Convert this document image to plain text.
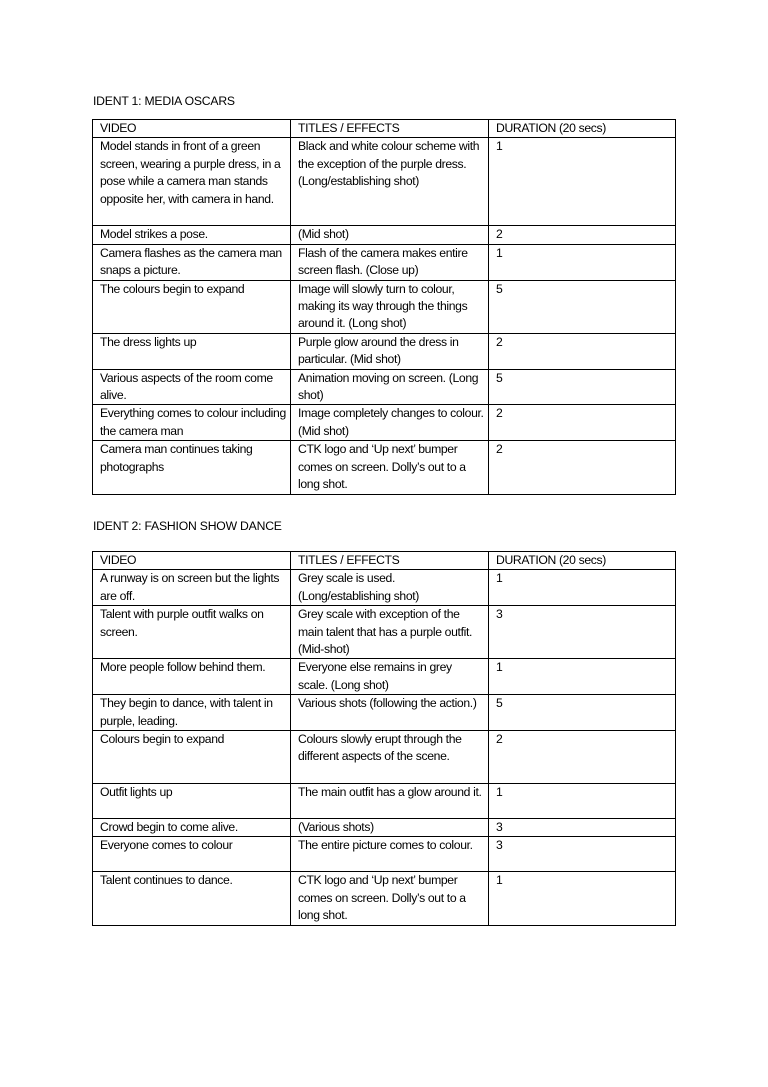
IDENT 1: MEDIA OSCARS
VIDEO	TITLES / EFFECTS	DURATION (20 secs)
Model stands in front of a green screen, wearing a purple dress, in a pose while a camera man stands opposite her, with camera in hand.	Black and white colour scheme with the exception of the purple dress. (Long/establishing shot)	1
Model strikes a pose.	(Mid shot)	2
Camera flashes as the camera man snaps a picture.	Flash of the camera makes entire screen flash. (Close up)	1
The colours begin to expand	Image will slowly turn to colour, making its way through the things around it. (Long shot)	5
The dress lights up	Purple glow around the dress in particular. (Mid shot)	2
Various aspects of the room come alive.	Animation moving on screen. (Long shot)	5
Everything comes to colour including the camera man	Image completely changes to colour. (Mid shot)	2
Camera man continues taking photographs	CTK logo and ‘Up next’ bumper comes on screen. Dolly’s out to a long shot.	2
IDENT 2: FASHION SHOW DANCE
VIDEO	TITLES / EFFECTS	DURATION (20 secs)
A runway is on screen but the lights are off.	Grey scale is used. (Long/establishing shot)	1
Talent with purple outfit walks on screen.	Grey scale with exception of the main talent that has a purple outfit. (Mid-shot)	3
More people follow behind them.	Everyone else remains in grey scale. (Long shot)	1
They begin to dance, with talent in purple, leading.	Various shots (following the action.)	5
Colours begin to expand	Colours slowly erupt through the different aspects of the scene.	2
Outfit lights up	The main outfit has a glow around it.	1
Crowd begin to come alive.	(Various shots)	3
Everyone comes to colour	The entire picture comes to colour.	3
Talent continues to dance.	CTK logo and ‘Up next’ bumper comes on screen. Dolly’s out to a long shot.	1
